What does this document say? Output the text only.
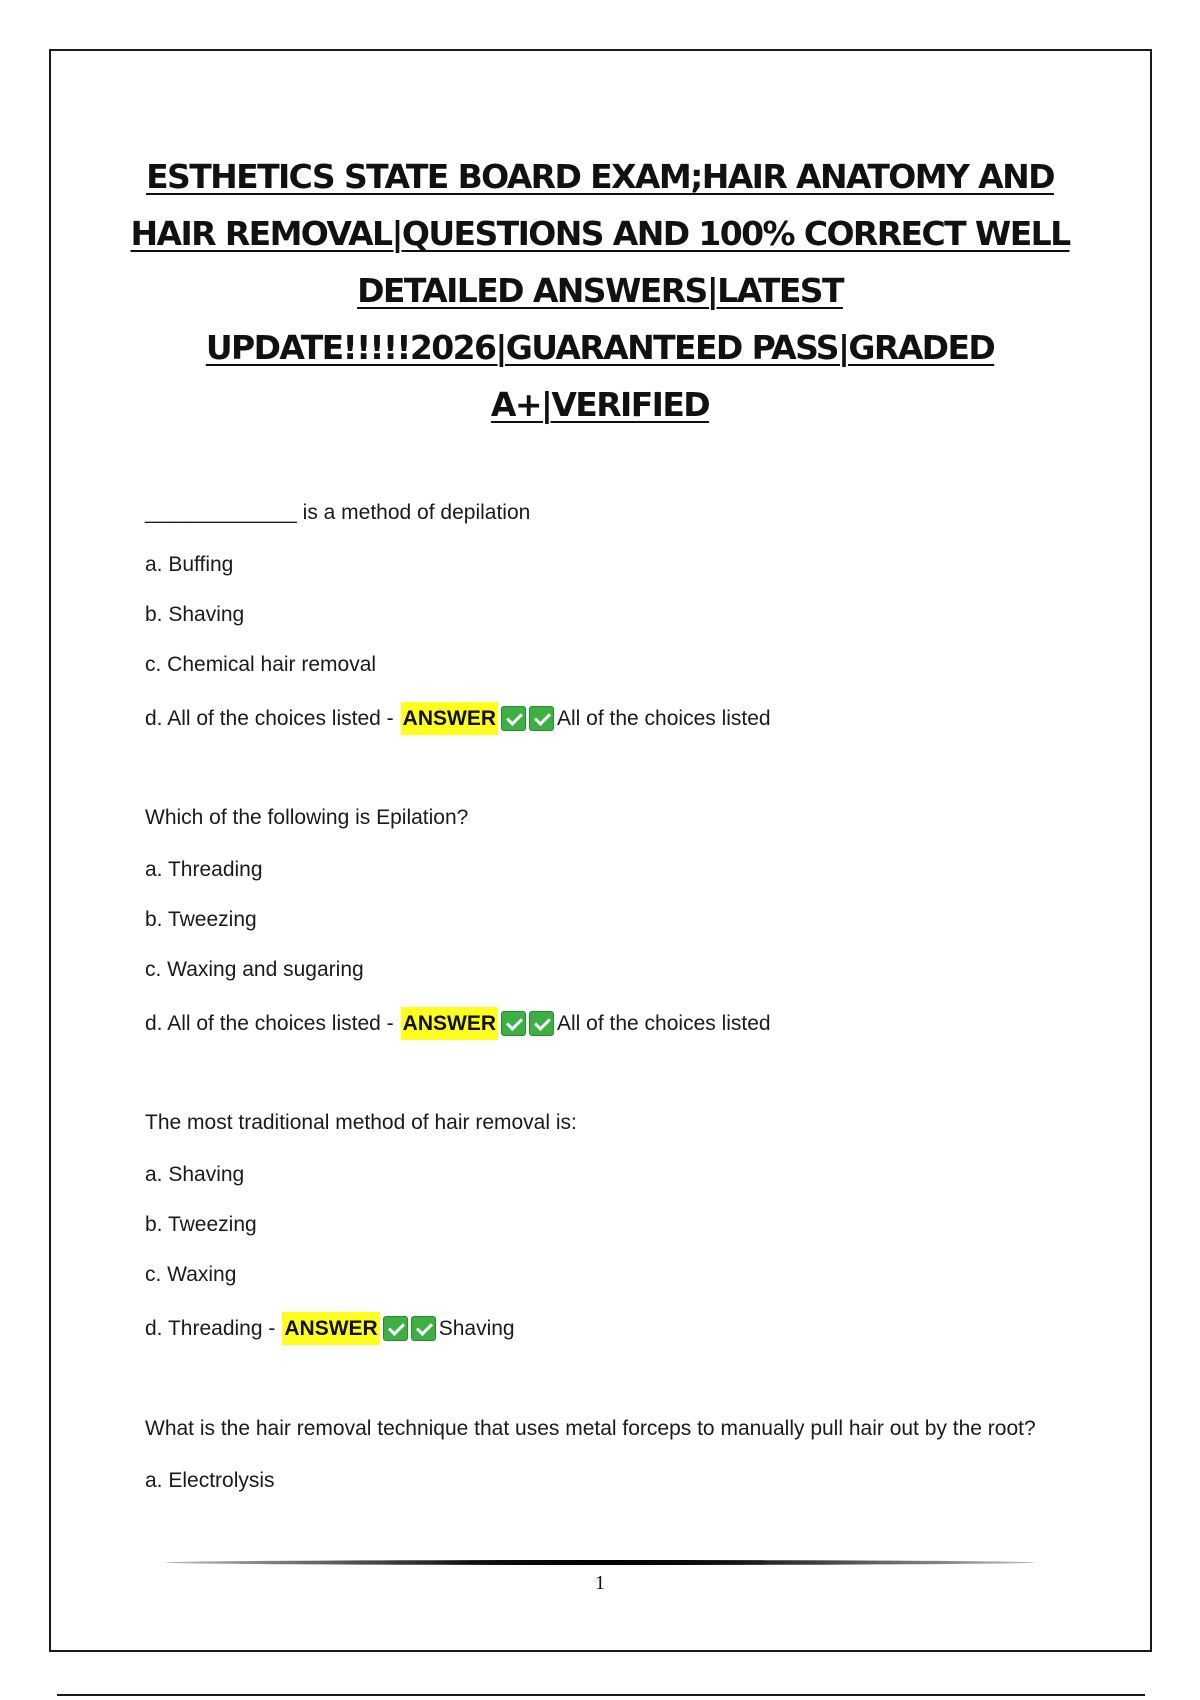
ESTHETICS STATE BOARD EXAM;HAIR ANATOMY AND HAIR REMOVAL|QUESTIONS AND 100% CORRECT WELL DETAILED ANSWERS|LATEST UPDATE!!!!!2026|GUARANTEED PASS|GRADED A+|VERIFIED

_____________ is a method of depilation

a. Buffing

b. Shaving

c. Chemical hair removal

d. All of the choices listed
- ANSWER	All of the choices listed

Which of the following is Epilation?

a. Threading

b. Tweezing

c. Waxing and sugaring

d. All of the choices listed
- ANSWER	All of the choices listed

The most traditional method of hair removal is:

a. Shaving

b. Tweezing

c. Waxing

d. Threading
- ANSWER	Shaving

What is the hair removal technique that uses metal forceps to manually pull hair out by the root?

a. Electrolysis

1
